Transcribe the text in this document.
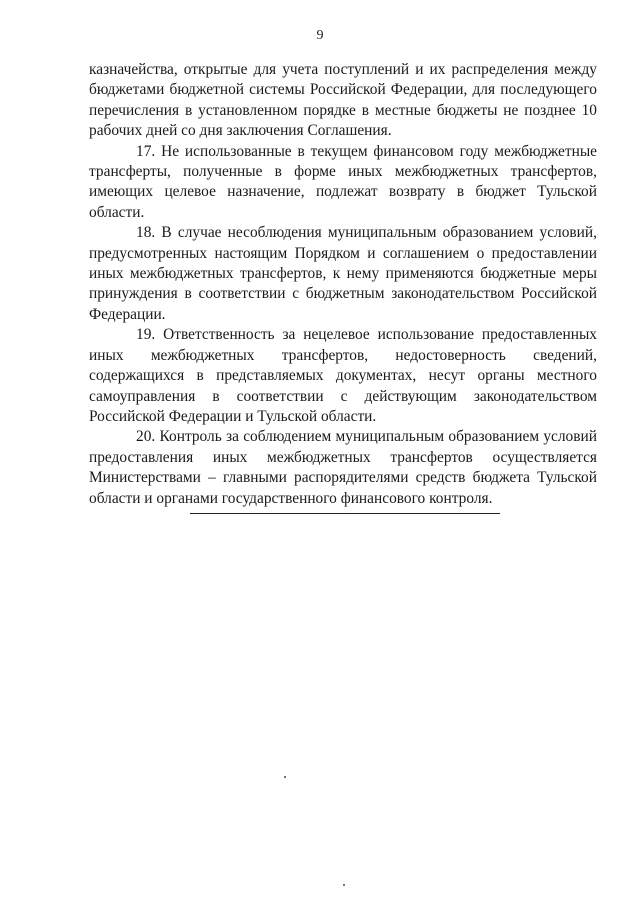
9

казначейства, открытые для учета поступлений и их распределения между бюджетами бюджетной системы Российской Федерации, для последующего перечисления в установленном порядке в местные бюджеты не позднее 10 рабочих дней со дня заключения Соглашения.

17. Не использованные в текущем финансовом году межбюджетные трансферты, полученные в форме иных межбюджетных трансфертов, имеющих целевое назначение, подлежат возврату в бюджет Тульской области.

18. В случае несоблюдения муниципальным образованием условий, предусмотренных настоящим Порядком и соглашением о предоставлении иных межбюджетных трансфертов, к нему применяются бюджетные меры принуждения в соответствии с бюджетным законодательством Российской Федерации.

19. Ответственность за нецелевое использование предоставленных иных межбюджетных трансфертов, недостоверность сведений, содержащихся в представляемых документах, несут органы местного самоуправления в соответствии с действующим законодательством Российской Федерации и Тульской области.

20. Контроль за соблюдением муниципальным образованием условий предоставления иных межбюджетных трансфертов осуществляется Министерствами – главными распорядителями средств бюджета Тульской области и органами государственного финансового контроля.
